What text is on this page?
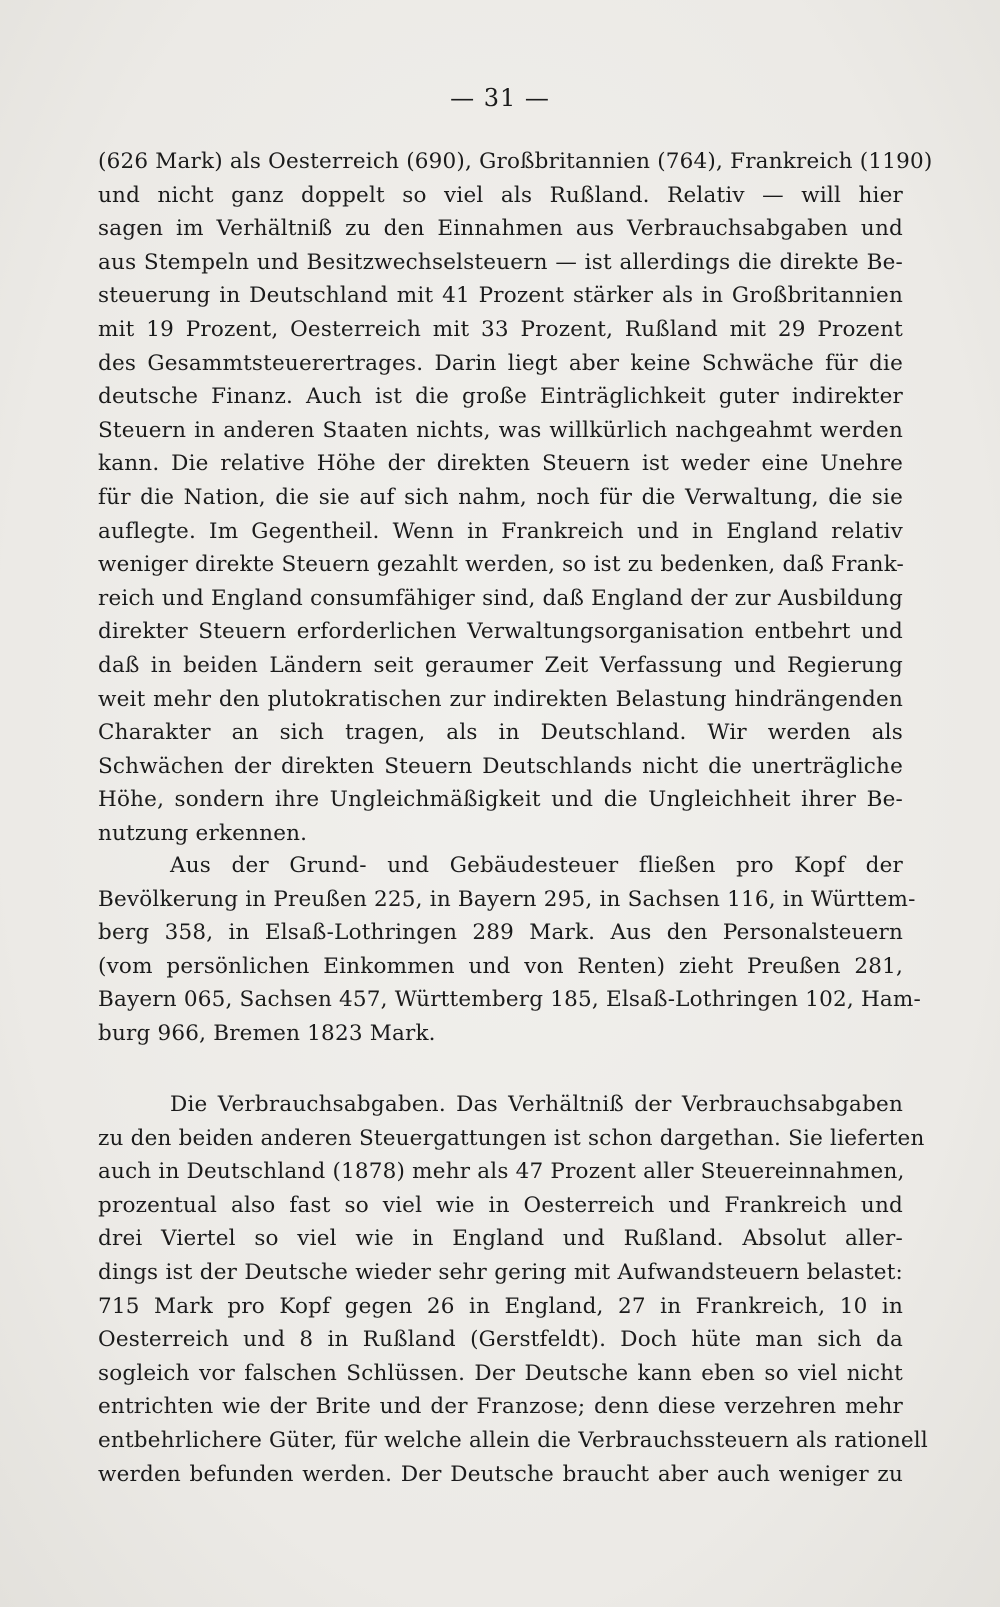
— 31 —
(626 Mark) als Oesterreich (690), Großbritannien (764), Frankreich (1190)
und nicht ganz doppelt so viel als Rußland. Relativ — will hier
sagen im Verhältniß zu den Einnahmen aus Verbrauchsabgaben und
aus Stempeln und Besitzwechselsteuern — ist allerdings die direkte Be-
steuerung in Deutschland mit 41 Prozent stärker als in Großbritannien
mit 19 Prozent, Oesterreich mit 33 Prozent, Rußland mit 29 Prozent
des Gesammtsteuerertrages. Darin liegt aber keine Schwäche für die
deutsche Finanz. Auch ist die große Einträglichkeit guter indirekter
Steuern in anderen Staaten nichts, was willkürlich nachgeahmt werden
kann. Die relative Höhe der direkten Steuern ist weder eine Unehre
für die Nation, die sie auf sich nahm, noch für die Verwaltung, die sie
auflegte. Im Gegentheil. Wenn in Frankreich und in England relativ
weniger direkte Steuern gezahlt werden, so ist zu bedenken, daß Frank-
reich und England consumfähiger sind, daß England der zur Ausbildung
direkter Steuern erforderlichen Verwaltungsorganisation entbehrt und
daß in beiden Ländern seit geraumer Zeit Verfassung und Regierung
weit mehr den plutokratischen zur indirekten Belastung hindrängenden
Charakter an sich tragen, als in Deutschland. Wir werden als
Schwächen der direkten Steuern Deutschlands nicht die unerträgliche
Höhe, sondern ihre Ungleichmäßigkeit und die Ungleichheit ihrer Be-
nutzung erkennen.
Aus der Grund- und Gebäudesteuer fließen pro Kopf der
Bevölkerung in Preußen 225, in Bayern 295, in Sachsen 116, in Württem-
berg 358, in Elsaß-Lothringen 289 Mark. Aus den Personalsteuern
(vom persönlichen Einkommen und von Renten) zieht Preußen 281,
Bayern 065, Sachsen 457, Württemberg 185, Elsaß-Lothringen 102, Ham-
burg 966, Bremen 1823 Mark.
Die Verbrauchsabgaben. Das Verhältniß der Verbrauchsabgaben
zu den beiden anderen Steuergattungen ist schon dargethan. Sie lieferten
auch in Deutschland (1878) mehr als 47 Prozent aller Steuereinnahmen,
prozentual also fast so viel wie in Oesterreich und Frankreich und
drei Viertel so viel wie in England und Rußland. Absolut aller-
dings ist der Deutsche wieder sehr gering mit Aufwandsteuern belastet:
715 Mark pro Kopf gegen 26 in England, 27 in Frankreich, 10 in
Oesterreich und 8 in Rußland (Gerstfeldt). Doch hüte man sich da
sogleich vor falschen Schlüssen. Der Deutsche kann eben so viel nicht
entrichten wie der Brite und der Franzose; denn diese verzehren mehr
entbehrlichere Güter, für welche allein die Verbrauchssteuern als rationell
werden befunden werden. Der Deutsche braucht aber auch weniger zu
